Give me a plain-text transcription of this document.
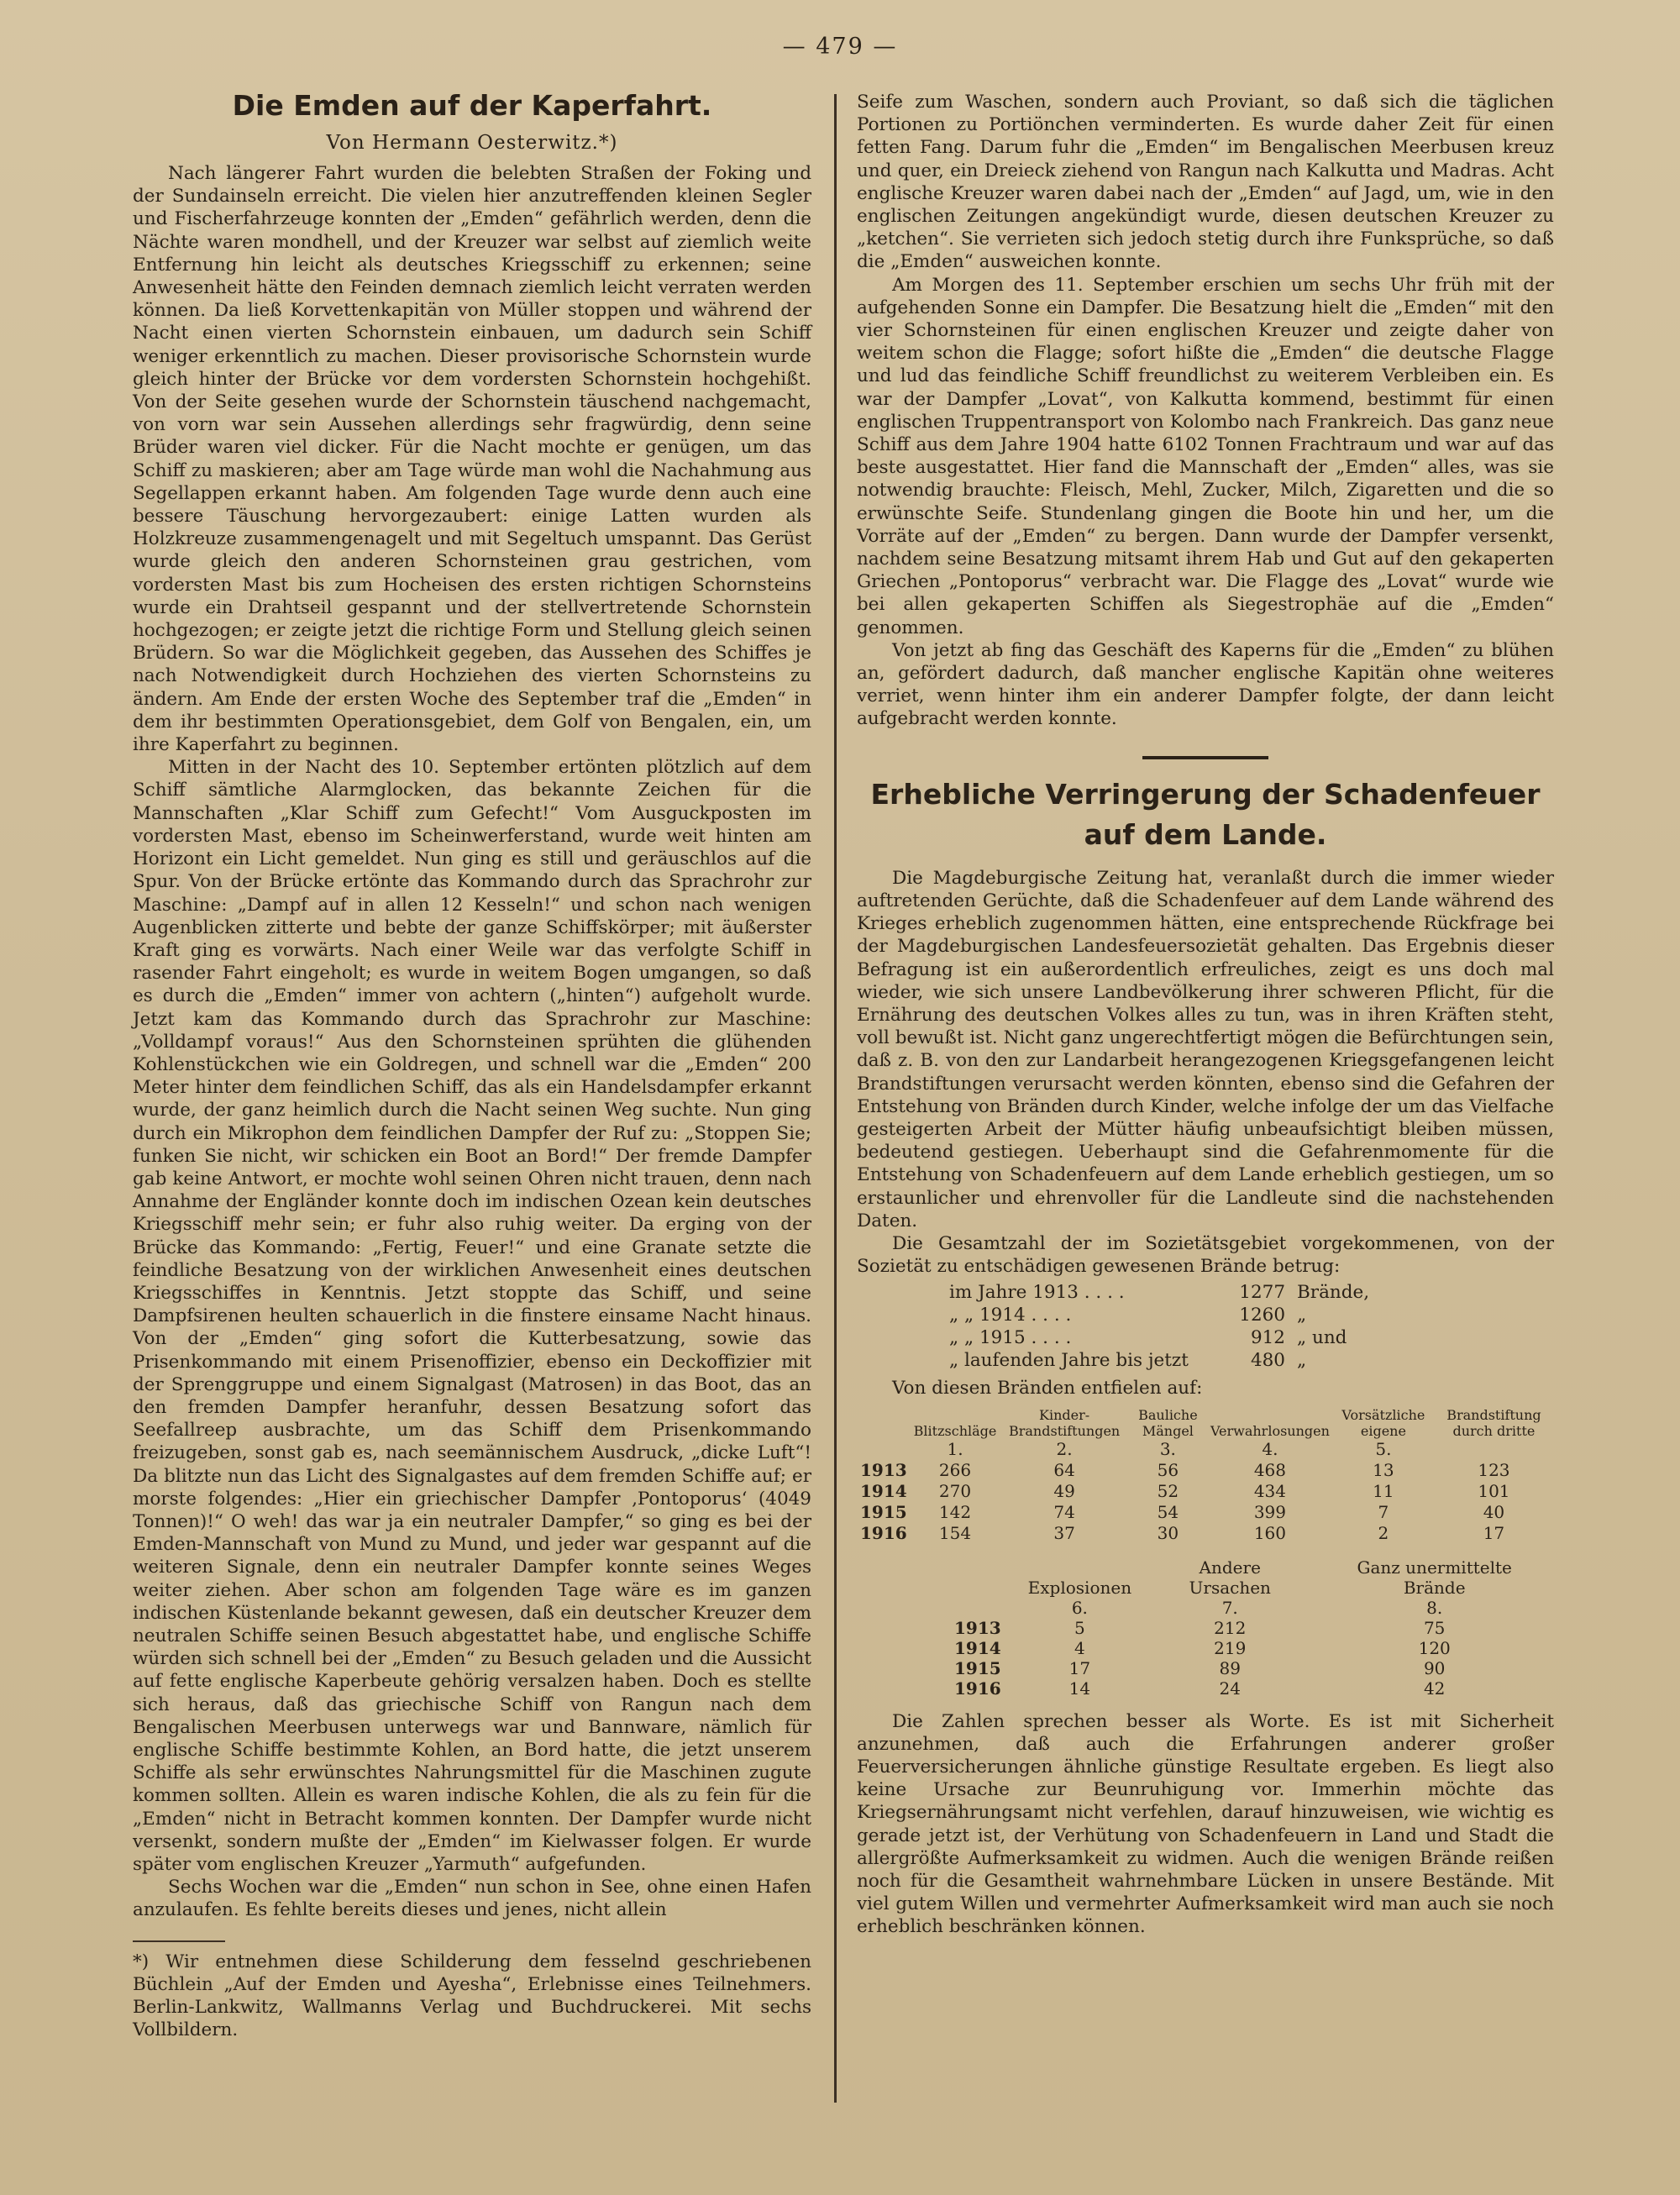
— 479 —
Die Emden auf der Kaperfahrt.
Von Hermann Oesterwitz.*)

Nach längerer Fahrt wurden die belebten Straßen der Foking und der Sundainseln erreicht. Die vielen hier anzutreffenden kleinen Segler und Fischerfahrzeuge konnten der „Emden“ gefährlich werden, denn die Nächte waren mondhell, und der Kreuzer war selbst auf ziemlich weite Entfernung hin leicht als deutsches Kriegsschiff zu erkennen; seine Anwesenheit hätte den Feinden demnach ziemlich leicht verraten werden können. Da ließ Korvettenkapitän von Müller stoppen und während der Nacht einen vierten Schornstein einbauen, um dadurch sein Schiff weniger erkenntlich zu machen. Dieser provisorische Schornstein wurde gleich hinter der Brücke vor dem vordersten Schornstein hochgehißt. Von der Seite gesehen wurde der Schornstein täuschend nachgemacht, von vorn war sein Aussehen allerdings sehr fragwürdig, denn seine Brüder waren viel dicker. Für die Nacht mochte er genügen, um das Schiff zu maskieren; aber am Tage würde man wohl die Nachahmung aus Segellappen erkannt haben. Am folgenden Tage wurde denn auch eine bessere Täuschung hervorgezaubert: einige Latten wurden als Holzkreuze zusammengenagelt und mit Segeltuch umspannt. Das Gerüst wurde gleich den anderen Schornsteinen grau gestrichen, vom vordersten Mast bis zum Hocheisen des ersten richtigen Schornsteins wurde ein Drahtseil gespannt und der stellvertretende Schornstein hochgezogen; er zeigte jetzt die richtige Form und Stellung gleich seinen Brüdern. So war die Möglichkeit gegeben, das Aussehen des Schiffes je nach Notwendigkeit durch Hochziehen des vierten Schornsteins zu ändern. Am Ende der ersten Woche des September traf die „Emden“ in dem ihr bestimmten Operationsgebiet, dem Golf von Bengalen, ein, um ihre Kaperfahrt zu beginnen.

Mitten in der Nacht des 10. September ertönten plötzlich auf dem Schiff sämtliche Alarmglocken, das bekannte Zeichen für die Mannschaften „Klar Schiff zum Gefecht!“ Vom Ausguckposten im vordersten Mast, ebenso im Scheinwerferstand, wurde weit hinten am Horizont ein Licht gemeldet. Nun ging es still und geräuschlos auf die Spur. Von der Brücke ertönte das Kommando durch das Sprachrohr zur Maschine: „Dampf auf in allen 12 Kesseln!“ und schon nach wenigen Augenblicken zitterte und bebte der ganze Schiffskörper; mit äußerster Kraft ging es vorwärts. Nach einer Weile war das verfolgte Schiff in rasender Fahrt eingeholt; es wurde in weitem Bogen umgangen, so daß es durch die „Emden“ immer von achtern („hinten“) aufgeholt wurde. Jetzt kam das Kommando durch das Sprachrohr zur Maschine: „Volldampf voraus!“ Aus den Schornsteinen sprühten die glühenden Kohlenstückchen wie ein Goldregen, und schnell war die „Emden“ 200 Meter hinter dem feindlichen Schiff, das als ein Handelsdampfer erkannt wurde, der ganz heimlich durch die Nacht seinen Weg suchte. Nun ging durch ein Mikrophon dem feindlichen Dampfer der Ruf zu: „Stoppen Sie; funken Sie nicht, wir schicken ein Boot an Bord!“ Der fremde Dampfer gab keine Antwort, er mochte wohl seinen Ohren nicht trauen, denn nach Annahme der Engländer konnte doch im indischen Ozean kein deutsches Kriegsschiff mehr sein; er fuhr also ruhig weiter. Da erging von der Brücke das Kommando: „Fertig, Feuer!“ und eine Granate setzte die feindliche Besatzung von der wirklichen Anwesenheit eines deutschen Kriegsschiffes in Kenntnis. Jetzt stoppte das Schiff, und seine Dampfsirenen heulten schauerlich in die finstere einsame Nacht hinaus. Von der „Emden“ ging sofort die Kutterbesatzung, sowie das Prisenkommando mit einem Prisenoffizier, ebenso ein Deckoffizier mit der Sprenggruppe und einem Signalgast (Matrosen) in das Boot, das an den fremden Dampfer heranfuhr, dessen Besatzung sofort das Seefallreep ausbrachte, um das Schiff dem Prisenkommando freizugeben, sonst gab es, nach seemännischem Ausdruck, „dicke Luft“! Da blitzte nun das Licht des Signalgastes auf dem fremden Schiffe auf; er morste folgendes: „Hier ein griechischer Dampfer ‚Pontoporus‘ (4049 Tonnen)!“ O weh! das war ja ein neutraler Dampfer,“ so ging es bei der Emden-Mannschaft von Mund zu Mund, und jeder war gespannt auf die weiteren Signale, denn ein neutraler Dampfer konnte seines Weges weiter ziehen. Aber schon am folgenden Tage wäre es im ganzen indischen Küstenlande bekannt gewesen, daß ein deutscher Kreuzer dem neutralen Schiffe seinen Besuch abgestattet habe, und englische Schiffe würden sich schnell bei der „Emden“ zu Besuch geladen und die Aussicht auf fette englische Kaperbeute gehörig versalzen haben. Doch es stellte sich heraus, daß das griechische Schiff von Rangun nach dem Bengalischen Meerbusen unterwegs war und Bannware, nämlich für englische Schiffe bestimmte Kohlen, an Bord hatte, die jetzt unserem Schiffe als sehr erwünschtes Nahrungsmittel für die Maschinen zugute kommen sollten. Allein es waren indische Kohlen, die als zu fein für die „Emden“ nicht in Betracht kommen konnten. Der Dampfer wurde nicht versenkt, sondern mußte der „Emden“ im Kielwasser folgen. Er wurde später vom englischen Kreuzer „Yarmuth“ aufgefunden.

Sechs Wochen war die „Emden“ nun schon in See, ohne einen Hafen anzulaufen. Es fehlte bereits dieses und jenes, nicht allein

*) Wir entnehmen diese Schilderung dem fesselnd geschriebenen Büchlein „Auf der Emden und Ayesha“, Erlebnisse eines Teilnehmers. Berlin-Lankwitz, Wallmanns Verlag und Buchdruckerei. Mit sechs Vollbildern.

Seife zum Waschen, sondern auch Proviant, so daß sich die täglichen Portionen zu Portiönchen verminderten. Es wurde daher Zeit für einen fetten Fang. Darum fuhr die „Emden“ im Bengalischen Meerbusen kreuz und quer, ein Dreieck ziehend von Rangun nach Kalkutta und Madras. Acht englische Kreuzer waren dabei nach der „Emden“ auf Jagd, um, wie in den englischen Zeitungen angekündigt wurde, diesen deutschen Kreuzer zu „ketchen“. Sie verrieten sich jedoch stetig durch ihre Funksprüche, so daß die „Emden“ ausweichen konnte.

Am Morgen des 11. September erschien um sechs Uhr früh mit der aufgehenden Sonne ein Dampfer. Die Besatzung hielt die „Emden“ mit den vier Schornsteinen für einen englischen Kreuzer und zeigte daher von weitem schon die Flagge; sofort hißte die „Emden“ die deutsche Flagge und lud das feindliche Schiff freundlichst zu weiterem Verbleiben ein. Es war der Dampfer „Lovat“, von Kalkutta kommend, bestimmt für einen englischen Truppentransport von Kolombo nach Frankreich. Das ganz neue Schiff aus dem Jahre 1904 hatte 6102 Tonnen Frachtraum und war auf das beste ausgestattet. Hier fand die Mannschaft der „Emden“ alles, was sie notwendig brauchte: Fleisch, Mehl, Zucker, Milch, Zigaretten und die so erwünschte Seife. Stundenlang gingen die Boote hin und her, um die Vorräte auf der „Emden“ zu bergen. Dann wurde der Dampfer versenkt, nachdem seine Besatzung mitsamt ihrem Hab und Gut auf den gekaperten Griechen „Pontoporus“ verbracht war. Die Flagge des „Lovat“ wurde wie bei allen gekaperten Schiffen als Siegestrophäe auf die „Emden“ genommen.

Von jetzt ab fing das Geschäft des Kaperns für die „Emden“ zu blühen an, gefördert dadurch, daß mancher englische Kapitän ohne weiteres verriet, wenn hinter ihm ein anderer Dampfer folgte, der dann leicht aufgebracht werden konnte.

Erhebliche Verringerung der Schadenfeuer
auf dem Lande.

Die Magdeburgische Zeitung hat, veranlaßt durch die immer wieder auftretenden Gerüchte, daß die Schadenfeuer auf dem Lande während des Krieges erheblich zugenommen hätten, eine entsprechende Rückfrage bei der Magdeburgischen Landesfeuersozietät gehalten. Das Ergebnis dieser Befragung ist ein außerordentlich erfreuliches, zeigt es uns doch mal wieder, wie sich unsere Landbevölkerung ihrer schweren Pflicht, für die Ernährung des deutschen Volkes alles zu tun, was in ihren Kräften steht, voll bewußt ist. Nicht ganz ungerechtfertigt mögen die Befürchtungen sein, daß z. B. von den zur Landarbeit herangezogenen Kriegsgefangenen leicht Brandstiftungen verursacht werden könnten, ebenso sind die Gefahren der Entstehung von Bränden durch Kinder, welche infolge der um das Vielfache gesteigerten Arbeit der Mütter häufig unbeaufsichtigt bleiben müssen, bedeutend gestiegen. Ueberhaupt sind die Gefahrenmomente für die Entstehung von Schadenfeuern auf dem Lande erheblich gestiegen, um so erstaunlicher und ehrenvoller für die Landleute sind die nachstehenden Daten.

Die Gesamtzahl der im Sozietätsgebiet vorgekommenen, von der Sozietät zu entschädigen gewesenen Brände betrug:

im Jahre 1913 . . . .	1277 Brände,
„ „ 1914 . . . .	1260 „
„ „ 1915 . . . .	912 „ und
„ laufenden Jahre bis jetzt	480 „

Von diesen Bränden entfielen auf:

	Blitzschläge	Kinder-Brandstiftungen	Bauliche Mängel	Verwahrlosungen	Vorsätzliche eigene	Brandstiftung durch dritte
	1.	2.	3.	4.	5.	
1913	266	64	56	468	13	123
1914	270	49	52	434	11	101
1915	142	74	54	399	7	40
1916	154	37	30	160	2	17
	Explosionen	Andere Ursachen	Ganz unermittelte Brände
	6.	7.	8.
1913	5	212	75
1914	4	219	120
1915	17	89	90
1916	14	24	42

Die Zahlen sprechen besser als Worte. Es ist mit Sicherheit anzunehmen, daß auch die Erfahrungen anderer großer Feuerversicherungen ähnliche günstige Resultate ergeben. Es liegt also keine Ursache zur Beunruhigung vor. Immerhin möchte das Kriegsernährungsamt nicht verfehlen, darauf hinzuweisen, wie wichtig es gerade jetzt ist, der Verhütung von Schadenfeuern in Land und Stadt die allergrößte Aufmerksamkeit zu widmen. Auch die wenigen Brände reißen noch für die Gesamtheit wahrnehmbare Lücken in unsere Bestände. Mit viel gutem Willen und vermehrter Aufmerksamkeit wird man auch sie noch erheblich beschränken können.
